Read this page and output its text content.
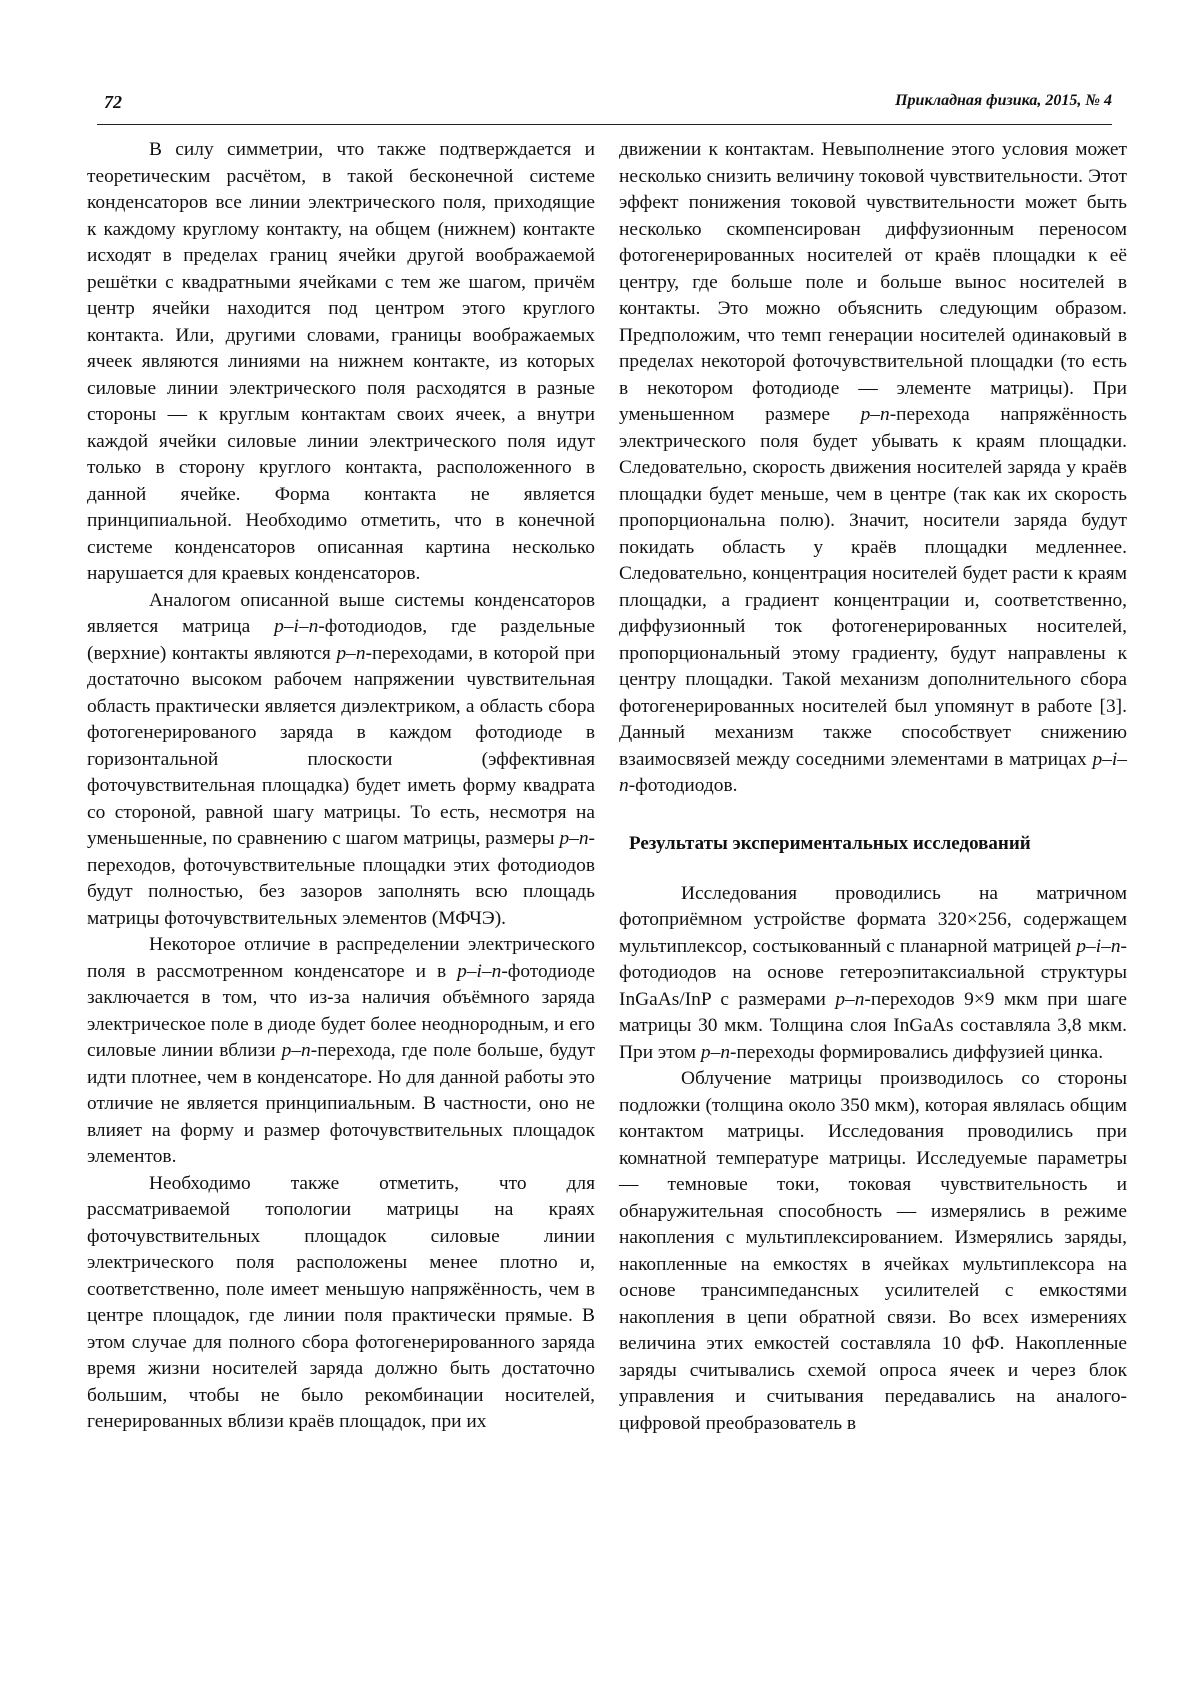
72	Прикладная физика, 2015, № 4

В силу симметрии, что также подтверждается и теоретическим расчётом, в такой бесконечной системе конденсаторов все линии электрического поля, приходящие к каждому круглому контакту, на общем (нижнем) контакте исходят в пределах границ ячейки другой воображаемой решётки с квадратными ячейками с тем же шагом, причём центр ячейки находится под центром этого круглого контакта. Или, другими словами, границы воображаемых ячеек являются линиями на нижнем контакте, из которых силовые линии электрического поля расходятся в разные стороны — к круглым контактам своих ячеек, а внутри каждой ячейки силовые линии электрического поля идут только в сторону круглого контакта, расположенного в данной ячейке. Форма контакта не является принципиальной. Необходимо отметить, что в конечной системе конденсаторов описанная картина несколько нарушается для краевых конденсаторов.

Аналогом описанной выше системы конденсаторов является матрица p–i–n-фотодиодов, где раздельные (верхние) контакты являются p–n-переходами, в которой при достаточно высоком рабочем напряжении чувствительная область практически является диэлектриком, а область сбора фотогенерированого заряда в каждом фотодиоде в горизонтальной плоскости (эффективная фоточувствительная площадка) будет иметь форму квадрата со стороной, равной шагу матрицы. То есть, несмотря на уменьшенные, по сравнению с шагом матрицы, размеры p–n-переходов, фоточувствительные площадки этих фотодиодов будут полностью, без зазоров заполнять всю площадь матрицы фоточувствительных элементов (МФЧЭ).

Некоторое отличие в распределении электрического поля в рассмотренном конденсаторе и в p–i–n-фотодиоде заключается в том, что из-за наличия объёмного заряда электрическое поле в диоде будет более неоднородным, и его силовые линии вблизи p–n-перехода, где поле больше, будут идти плотнее, чем в конденсаторе. Но для данной работы это отличие не является принципиальным. В частности, оно не влияет на форму и размер фоточувствительных площадок элементов.

Необходимо также отметить, что для рассматриваемой топологии матрицы на краях фоточувствительных площадок силовые линии электрического поля расположены менее плотно и, соответственно, поле имеет меньшую напряжённость, чем в центре площадок, где линии поля практически прямые. В этом случае для полного сбора фотогенерированного заряда время жизни носителей заряда должно быть достаточно большим, чтобы не было рекомбинации носителей, генерированных вблизи краёв площадок, при их

движении к контактам. Невыполнение этого условия может несколько снизить величину токовой чувствительности. Этот эффект понижения токовой чувствительности может быть несколько скомпенсирован диффузионным переносом фотогенерированных носителей от краёв площадки к её центру, где больше поле и больше вынос носителей в контакты. Это можно объяснить следующим образом. Предположим, что темп генерации носителей одинаковый в пределах некоторой фоточувствительной площадки (то есть в некотором фотодиоде — элементе матрицы). При уменьшенном размере p–n-перехода напряжённость электрического поля будет убывать к краям площадки. Следовательно, скорость движения носителей заряда у краёв площадки будет меньше, чем в центре (так как их скорость пропорциональна полю). Значит, носители заряда будут покидать область у краёв площадки медленнее. Следовательно, концентрация носителей будет расти к краям площадки, а градиент концентрации и, соответственно, диффузионный ток фотогенерированных носителей, пропорциональный этому градиенту, будут направлены к центру площадки. Такой механизм дополнительного сбора фотогенерированных носителей был упомянут в работе [3]. Данный механизм также способствует снижению взаимосвязей между соседними элементами в матрицах p–i–n-фотодиодов.

Результаты экспериментальных исследований

Исследования проводились на матричном фотоприёмном устройстве формата 320×256, содержащем мультиплексор, состыкованный с планарной матрицей p–i–n-фотодиодов на основе гетероэпитаксиальной структуры InGaAs/InP с размерами p–n-переходов 9×9 мкм при шаге матрицы 30 мкм. Толщина слоя InGaAs составляла 3,8 мкм. При этом p–n-переходы формировались диффузией цинка.

Облучение матрицы производилось со стороны подложки (толщина около 350 мкм), которая являлась общим контактом матрицы. Исследования проводились при комнатной температуре матрицы. Исследуемые параметры — темновые токи, токовая чувствительность и обнаружительная способность — измерялись в режиме накопления с мультиплексированием. Измерялись заряды, накопленные на емкостях в ячейках мультиплексора на основе трансимпедансных усилителей с емкостями накопления в цепи обратной связи. Во всех измерениях величина этих емкостей составляла 10 фФ. Накопленные заряды считывались схемой опроса ячеек и через блок управления и считывания передавались на аналого-цифровой преобразователь в
